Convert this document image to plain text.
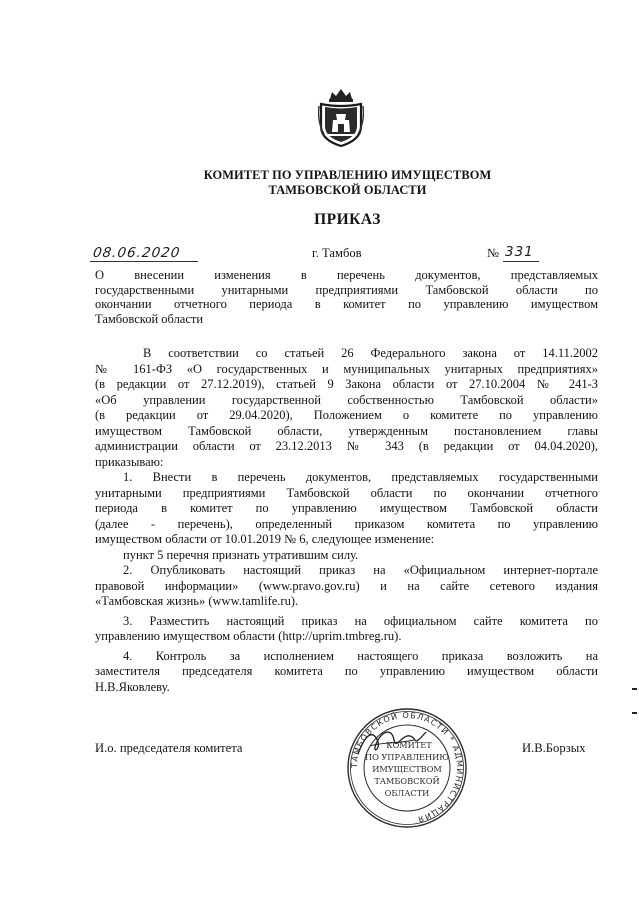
КОМИТЕТ ПО УПРАВЛЕНИЮ ИМУЩЕСТВОМ
ТАМБОВСКОЙ ОБЛАСТИ
ПРИКАЗ
08.06.2020	г. Тамбов	№ 331
О внесении изменения в перечень документов, представляемых
государственными унитарными предприятиями Тамбовской области по
окончании отчетного периода в комитет по управлению имуществом
Тамбовской области
В соответствии со статьей 26 Федерального закона от 14.11.2002
№ 161-ФЗ «О государственных и муниципальных унитарных предприятиях»
(в редакции от 27.12.2019), статьей 9 Закона области от 27.10.2004 № 241-З
«Об управлении государственной собственностью Тамбовской области»
(в редакции от 29.04.2020), Положением о комитете по управлению
имуществом Тамбовской области, утвержденным постановлением главы
администрации области от 23.12.2013 № 343 (в редакции от 04.04.2020),
приказываю:
1. Внести в перечень документов, представляемых государственными
унитарными предприятиями Тамбовской области по окончании отчетного
периода в комитет по управлению имуществом Тамбовской области
(далее - перечень), определенный приказом комитета по управлению
имуществом области от 10.01.2019 № 6, следующее изменение:
пункт 5 перечня признать утратившим силу.
2. Опубликовать настоящий приказ на «Официальном интернет-портале
правовой информации» (www.pravo.gov.ru) и на сайте сетевого издания
«Тамбовская жизнь» (www.tamlife.ru).
3. Разместить настоящий приказ на официальном сайте комитета по
управлению имуществом области (http://uprim.tmbreg.ru).
4. Контроль за исполнением настоящего приказа возложить на
заместителя председателя комитета по управлению имуществом области
Н.В.Яковлеву.
И.о. председателя комитета	И.В.Борзых
ТАМБОВСКОЙ ОБЛАСТИ * АДМИНИСТРАЦИЯ
КОМИТЕТ
ПО УПРАВЛЕНИЮ
ИМУЩЕСТВОМ
ТАМБОВСКОЙ
ОБЛАСТИ
